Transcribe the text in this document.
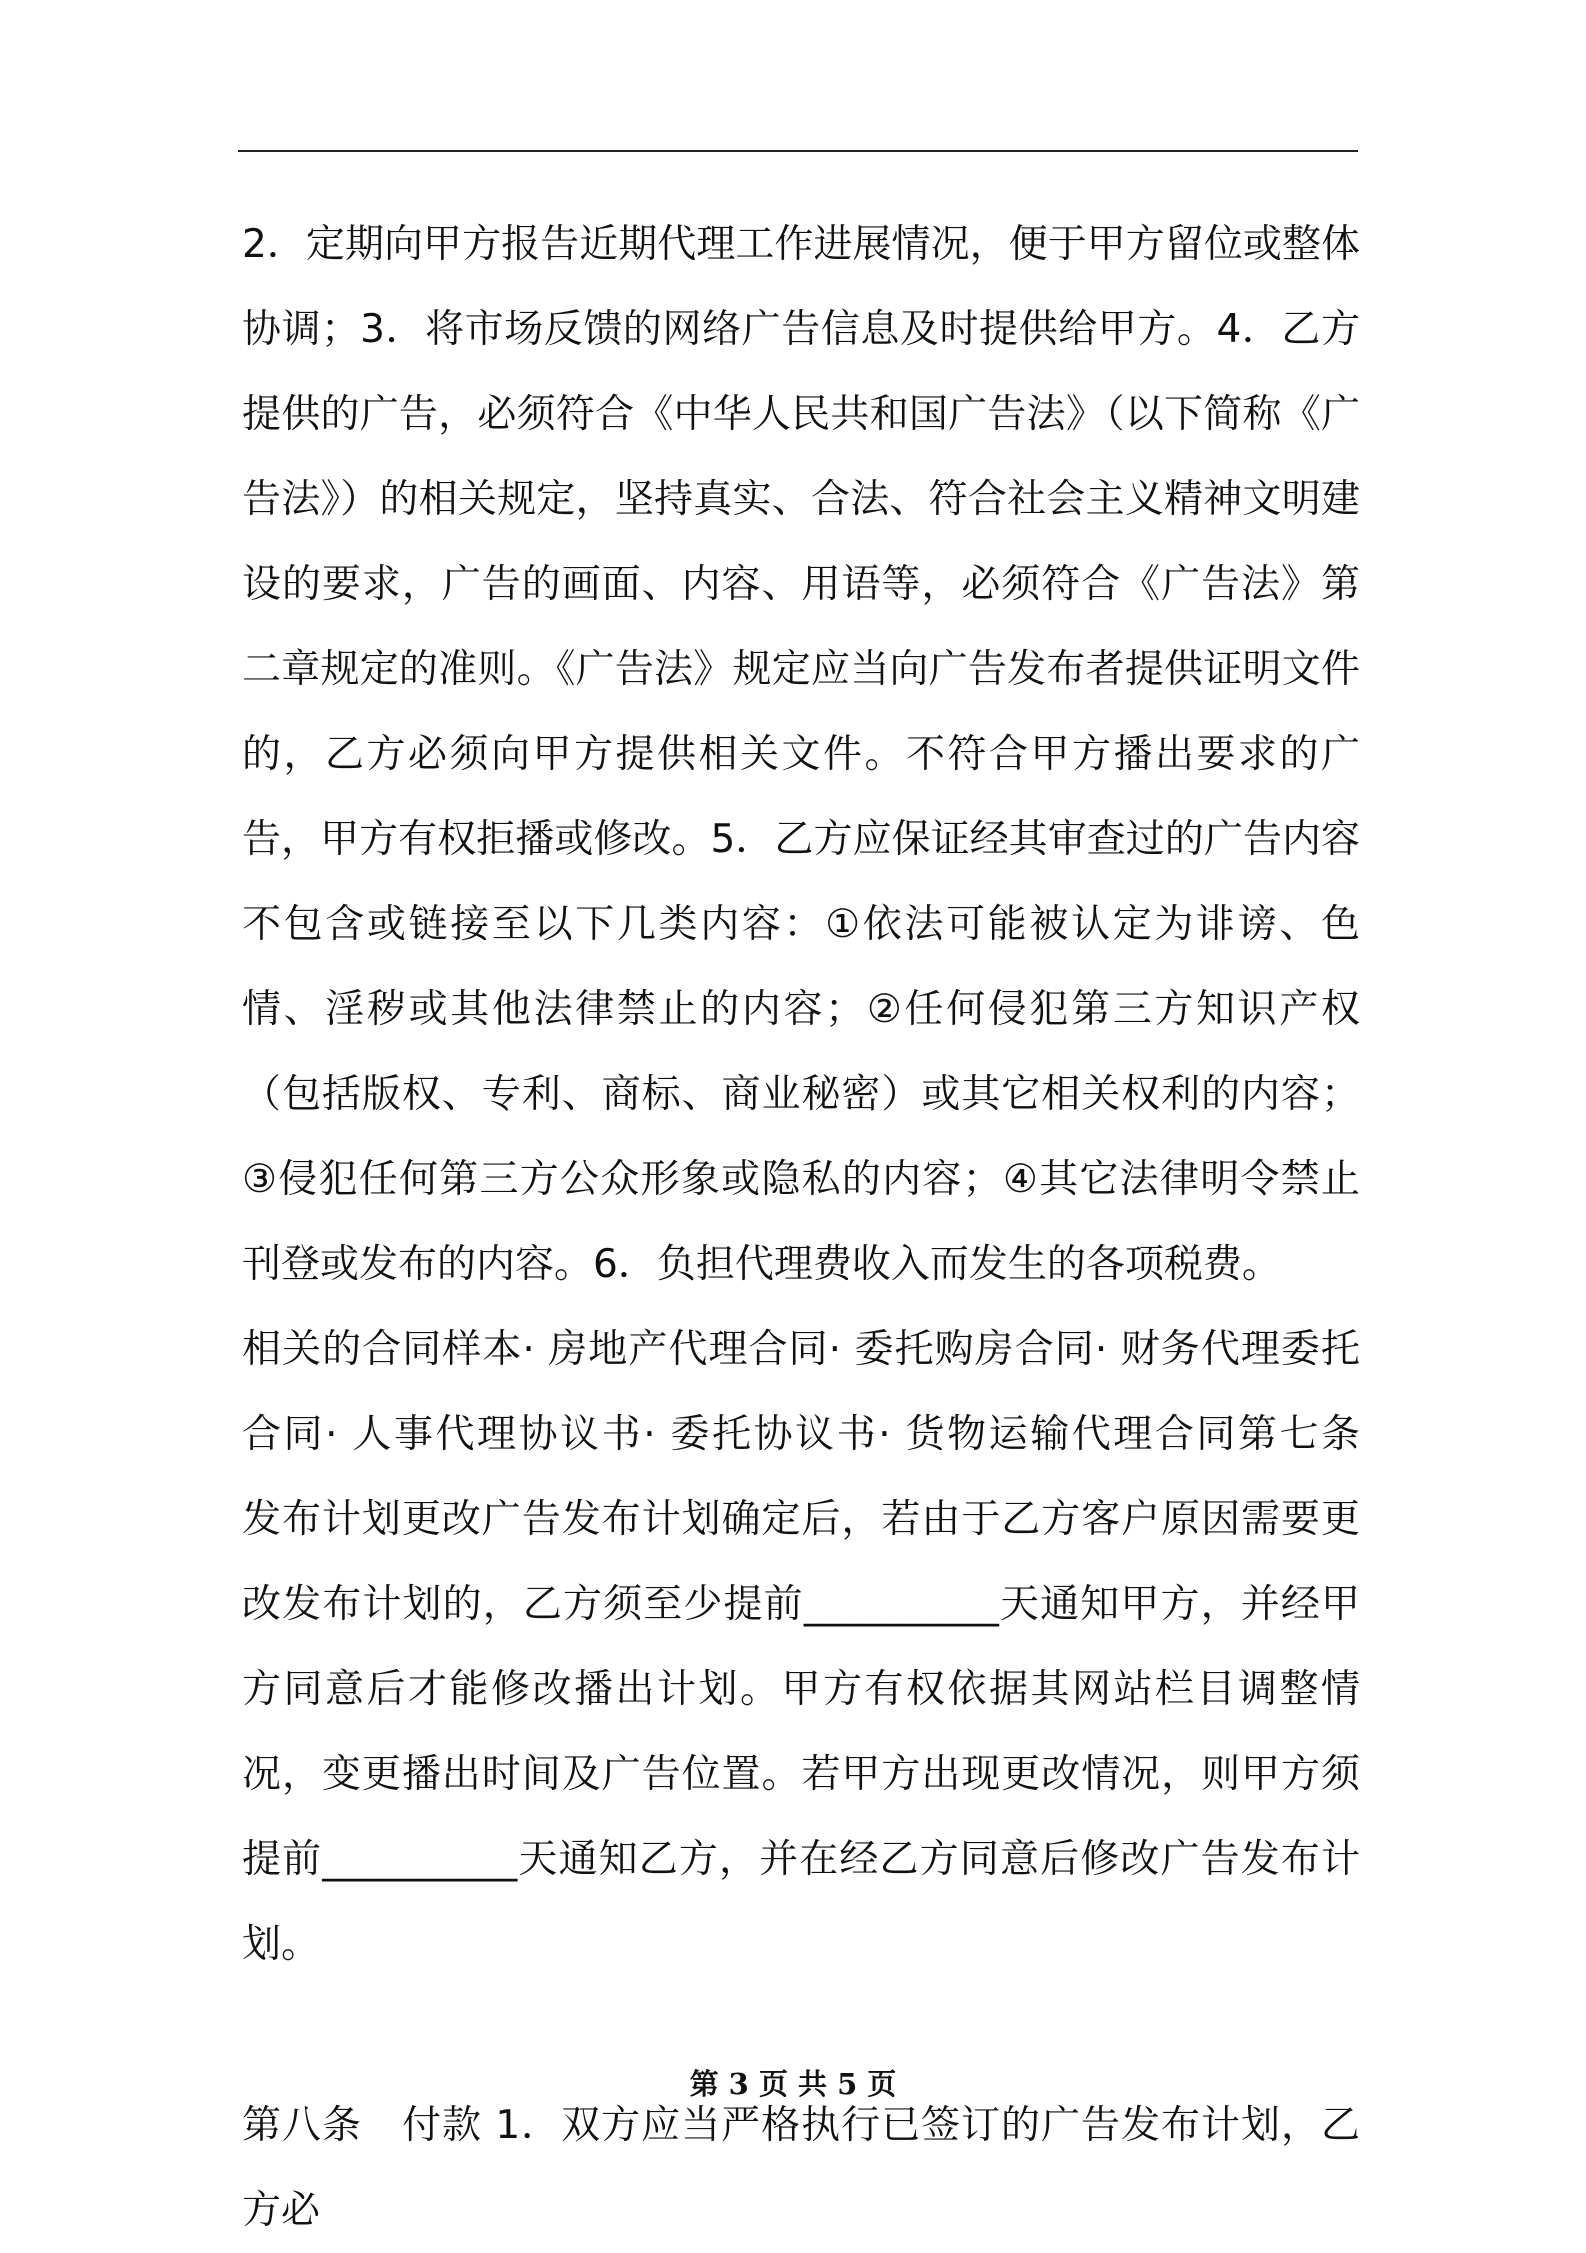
2．定期向甲方报告近期代理工作进展情况，便于甲方留位或整体协调；3．将市场反馈的网络广告信息及时提供给甲方。4．乙方提供的广告，必须符合《中华人民共和国广告法》（以下简称《广告法》）的相关规定，坚持真实、合法、符合社会主义精神文明建设的要求，广告的画面、内容、用语等，必须符合《广告法》第二章规定的准则。《广告法》规定应当向广告发布者提供证明文件的，乙方必须向甲方提供相关文件。不符合甲方播出要求的广告，甲方有权拒播或修改。5．乙方应保证经其审查过的广告内容不包含或链接至以下几类内容：①依法可能被认定为诽谤、色情、淫秽或其他法律禁止的内容；②任何侵犯第三方知识产权（包括版权、专利、商标、商业秘密）或其它相关权利的内容；③侵犯任何第三方公众形象或隐私的内容；④其它法律明令禁止刊登或发布的内容。6．负担代理费收入而发生的各项税费。

相关的合同样本· 房地产代理合同· 委托购房合同· 财务代理委托合同· 人事代理协议书· 委托协议书· 货物运输代理合同第七条　发布计划更改广告发布计划确定后，若由于乙方客户原因需要更改发布计划的，乙方须至少提前__________天通知甲方，并经甲方同意后才能修改播出计划。甲方有权依据其网站栏目调整情况，变更播出时间及广告位置。若甲方出现更改情况，则甲方须提前__________天通知乙方，并在经乙方同意后修改广告发布计划。

第八条　付款 1．双方应当严格执行已签订的广告发布计划，乙方必

第 3 页 共 5 页
